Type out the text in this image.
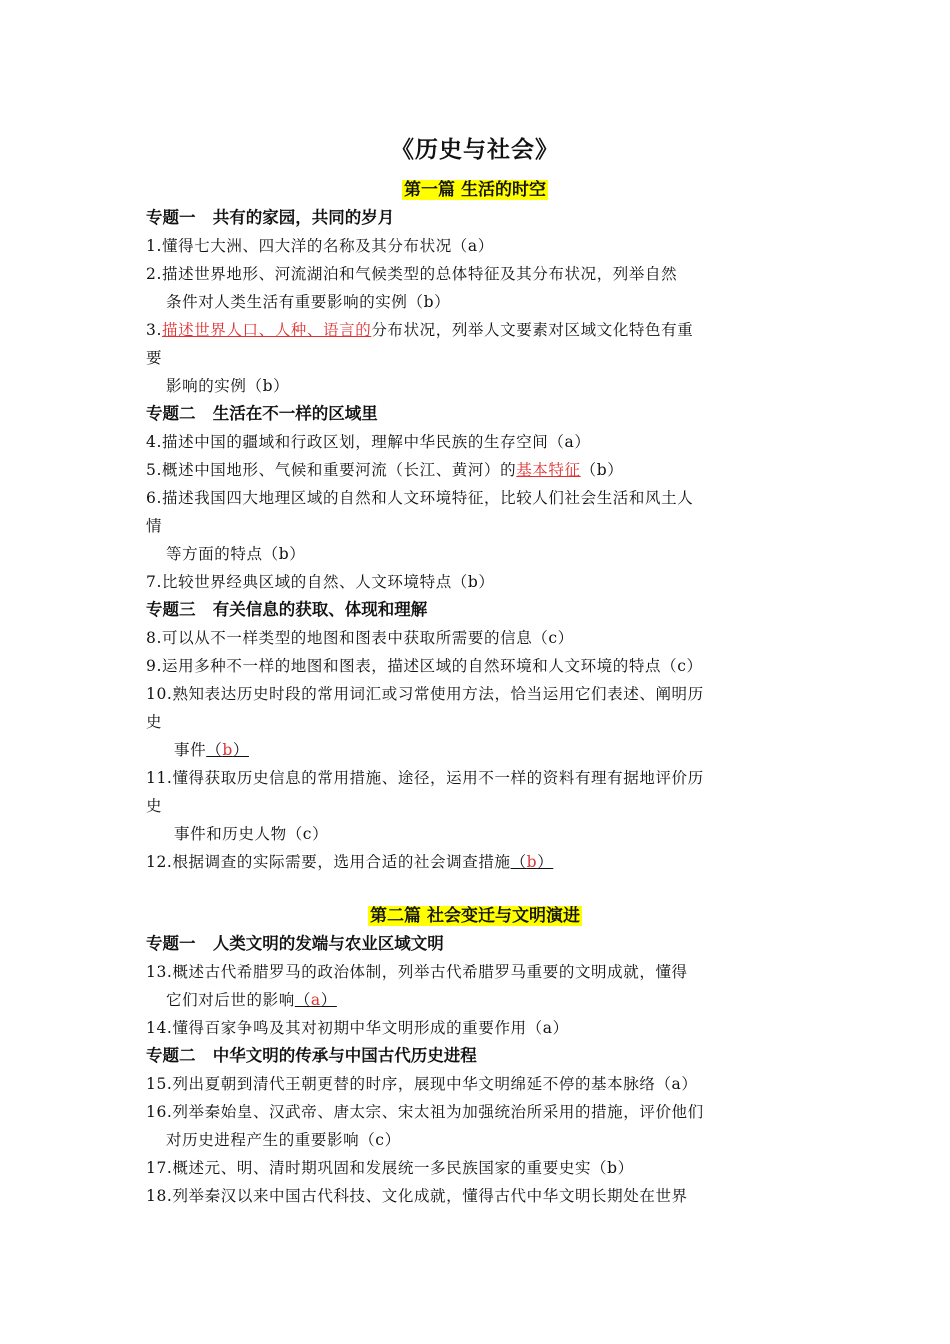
《历史与社会》
第一篇 生活的时空
专题一   共有的家园，共同的岁月
1.懂得七大洲、四大洋的名称及其分布状况（a）
2.描述世界地形、河流湖泊和气候类型的总体特征及其分布状况，列举自然
条件对人类生活有重要影响的实例（b）
3.描述世界人口、人种、语言的分布状况，列举人文要素对区域文化特色有重
要
影响的实例（b）
专题二   生活在不一样的区域里
4.描述中国的疆域和行政区划，理解中华民族的生存空间（a）
5.概述中国地形、气候和重要河流（长江、黄河）的基本特征（b）
6.描述我国四大地理区域的自然和人文环境特征，比较人们社会生活和风土人
情
等方面的特点（b）
7.比较世界经典区域的自然、人文环境特点（b）
专题三   有关信息的获取、体现和理解
8.可以从不一样类型的地图和图表中获取所需要的信息（c）
9.运用多种不一样的地图和图表，描述区域的自然环境和人文环境的特点（c）
10.熟知表达历史时段的常用词汇或习常使用方法，恰当运用它们表述、阐明历
史
事件（b）
11.懂得获取历史信息的常用措施、途径，运用不一样的资料有理有据地评价历
史
事件和历史人物（c）
12.根据调查的实际需要，选用合适的社会调查措施（b）
第二篇 社会变迁与文明演进
专题一   人类文明的发端与农业区域文明
13.概述古代希腊罗马的政治体制，列举古代希腊罗马重要的文明成就，懂得
它们对后世的影响（a）
14.懂得百家争鸣及其对初期中华文明形成的重要作用（a）
专题二   中华文明的传承与中国古代历史进程
15.列出夏朝到清代王朝更替的时序，展现中华文明绵延不停的基本脉络（a）
16.列举秦始皇、汉武帝、唐太宗、宋太祖为加强统治所采用的措施，评价他们
对历史进程产生的重要影响（c）
17.概述元、明、清时期巩固和发展统一多民族国家的重要史实（b）
18.列举秦汉以来中国古代科技、文化成就，懂得古代中华文明长期处在世界
